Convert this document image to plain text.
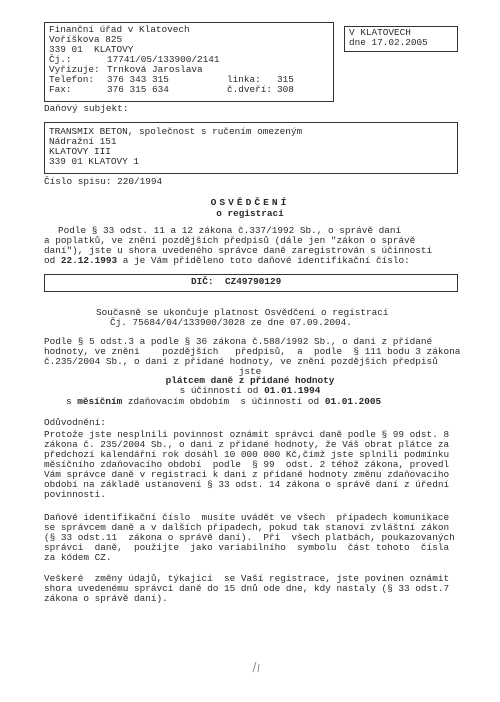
Finanční úřad v Klatovech
Voříškova 825
339 01  KLATOVY
Čj.:	17741/05/133900/2141
Vyřizuje: Trnková Jaroslava
Telefon: 376 343 315	linka: 315
Fax:	376 315 634	č.dveří: 308
V KLATOVECH
dne 17.02.2005
Daňový subjekt:
TRANSMIX BETON, společnost s ručením omezeným
Nádražní 151
KLATOVY III
339 01 KLATOVY 1
Číslo spisu: 220/1994
OSVĚDČENÍ
o registraci
Podle § 33 odst. 11 a 12 zákona č.337/1992 Sb., o správě daní
a poplatků, ve znění pozdějších předpisů (dále jen "zákon o správě
daní"), jste u shora uvedeného správce daně zaregistrován s účinností
od 22.12.1993 a je Vám přiděleno toto daňové identifikační číslo:
DIČ: CZ49790129
Současně se ukončuje platnost Osvědčení o registraci
Čj. 75684/04/133900/3028 ze dne 07.09.2004.
Podle § 5 odst.3 a podle § 36 zákona č.588/1992 Sb., o dani z přidané
hodnoty, ve znění    pozdějších   předpisů,  a  podle  § 111 bodu 3 zákona
č.235/2004 Sb., o dani z přidané hodnoty, ve znění pozdějších předpisů
jste
plátcem daně z přidané hodnoty
s účinností od 01.01.1994
s měsíčním zdaňovacím obdobím  s účinností od 01.01.2005
Odůvodnění:
Protože jste nesplnili povinnost oznámit správci daně podle § 99 odst. 8
zákona č. 235/2004 Sb., o dani z přidané hodnoty, že Váš obrat plátce za
předchozí kalendářní rok dosáhl 10 000 000 Kč,čímž jste splnili podmínku
měsíčního zdaňovacího období  podle  § 99  odst. 2 téhož zákona, provedl
Vám správce daně v registraci k dani z přidané hodnoty změnu zdaňovacího
období na základě ustanovení § 33 odst. 14 zákona o správě daní z úřední
povinnosti.
Daňové identifikační číslo  musíte uvádět ve všech  případech komunikace
se správcem daně a v dalších případech, pokud tak stanoví zvláštní zákon
(§ 33 odst.11  zákona o správě daní).  Při  všech platbách, poukazovaných
správci  daně,  použijte  jako variabilního  symbolu  část tohoto  čísla
za kódem CZ.
Veškeré  změny údajů, týkající  se Vaší registrace, jste povinen oznámit
shora uvedenému správci daně do 15 dnů ode dne, kdy nastaly (§ 33 odst.7
zákona o správě daní).
